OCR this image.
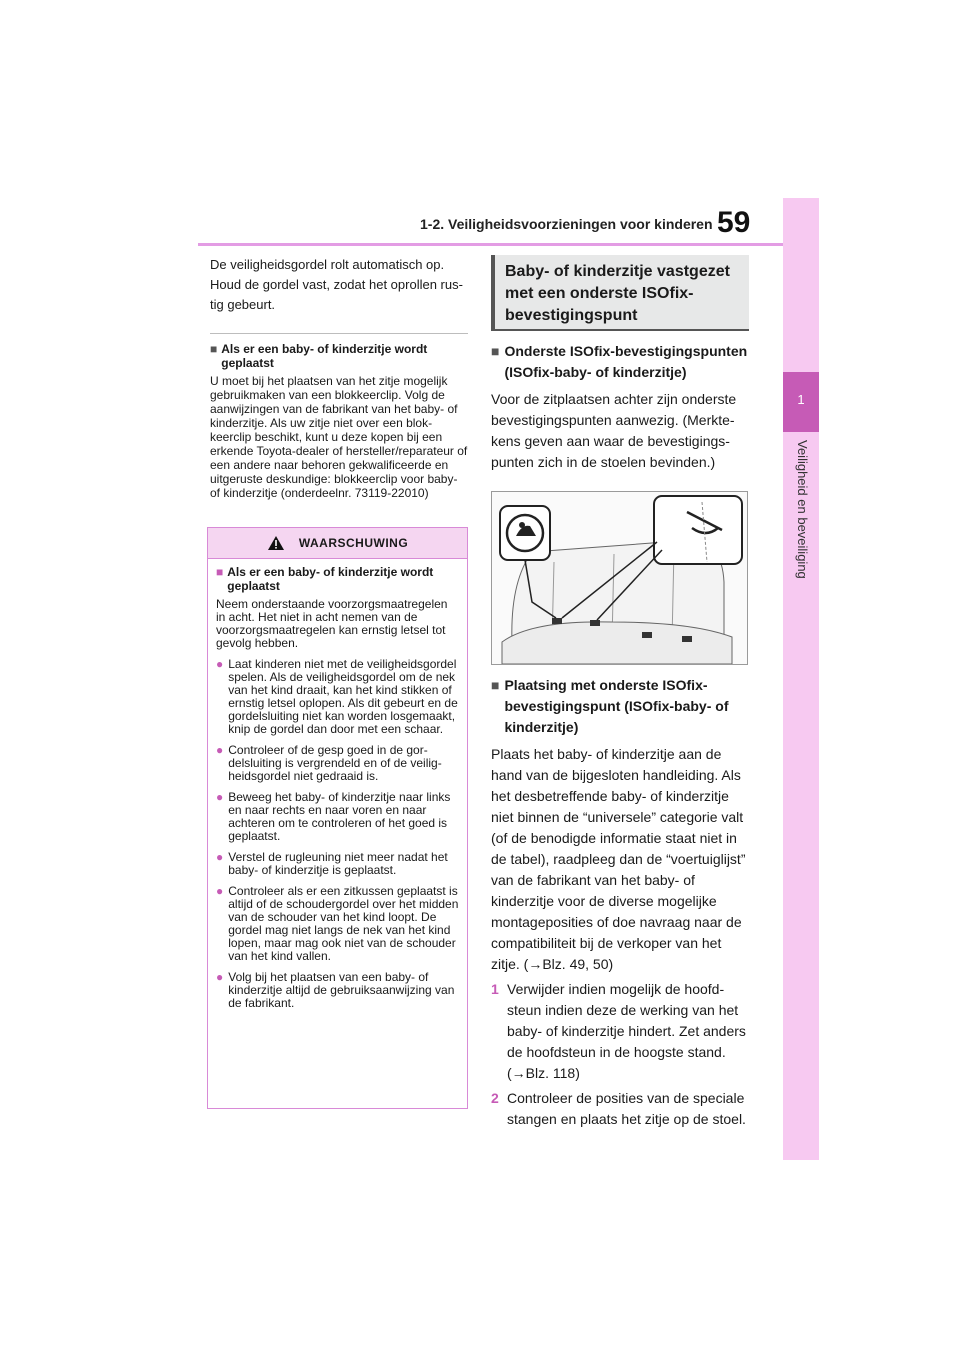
1-2. Veiligheidsvoorzieningen voor kinderen 59
1
Veiligheid en beveiliging

De veiligheidsgordel rolt automatisch op. Houd de gordel vast, zodat het oprollen rustig gebeurt.

■ Als er een baby- of kinderzitje wordt geplaatst

U moet bij het plaatsen van het zitje mogelijk gebruikmaken van een blokkeerclip. Volg de aanwijzingen van de fabrikant van het baby- of kinderzitje. Als uw zitje niet over een blokkeerclip beschikt, kunt u deze kopen bij een erkende Toyota-dealer of hersteller/reparateur of een andere naar behoren gekwalificeerde en uitgeruste deskundige: blokkeerclip voor baby- of kinderzitje (onderdeelnr. 73119-22010)

WAARSCHUWING
■ Als er een baby- of kinderzitje wordt geplaatst

Neem onderstaande voorzorgsmaatregelen in acht. Het niet in acht nemen van de voorzorgsmaatregelen kan ernstig letsel tot gevolg hebben.

● Laat kinderen niet met de veiligheidsgordel spelen. Als de veiligheidsgordel om de nek van het kind draait, kan het kind stikken of ernstig letsel oplopen. Als dit gebeurt en de gordelsluiting niet kan worden losgemaakt, knip de gordel dan door met een schaar.
● Controleer of de gesp goed in de gordelsluiting is vergrendeld en of de veiligheidsgordel niet gedraaid is.
● Beweeg het baby- of kinderzitje naar links en naar rechts en naar voren en naar achteren om te controleren of het goed is geplaatst.
● Verstel de rugleuning niet meer nadat het baby- of kinderzitje is geplaatst.
● Controleer als er een zitkussen geplaatst is altijd of de schoudergordel over het midden van de schouder van het kind loopt. De gordel mag niet langs de nek van het kind lopen, maar mag ook niet van de schouder van het kind vallen.
● Volg bij het plaatsen van een baby- of kinderzitje altijd de gebruiksaanwijzing van de fabrikant.
Baby- of kinderzitje vastgezet met een onderste ISOfix-bevestigingspunt
■ Onderste ISOfix-bevestigingspunten (ISOfix-baby- of kinderzitje)

Voor de zitplaatsen achter zijn onderste bevestigingspunten aanwezig. (Merktekens geven aan waar de bevestigingspunten zich in de stoelen bevinden.)

■ Plaatsing met onderste ISOfix-bevestigingspunt (ISOfix-baby- of kinderzitje)

Plaats het baby- of kinderzitje aan de hand van de bijgesloten handleiding. Als het desbetreffende baby- of kinderzitje niet binnen de “universele” categorie valt (of de benodigde informatie staat niet in de tabel), raadpleeg dan de “voertuiglijst” van de fabrikant van het baby- of kinderzitje voor de diverse mogelijke montageposities of doe navraag naar de compatibiliteit bij de verkoper van het zitje. (→Blz. 49, 50)

1 Verwijder indien mogelijk de hoofdsteun indien deze de werking van het baby- of kinderzitje hindert. Zet anders de hoofdsteun in de hoogste stand. (→Blz. 118)
2 Controleer de posities van de speciale stangen en plaats het zitje op de stoel.
